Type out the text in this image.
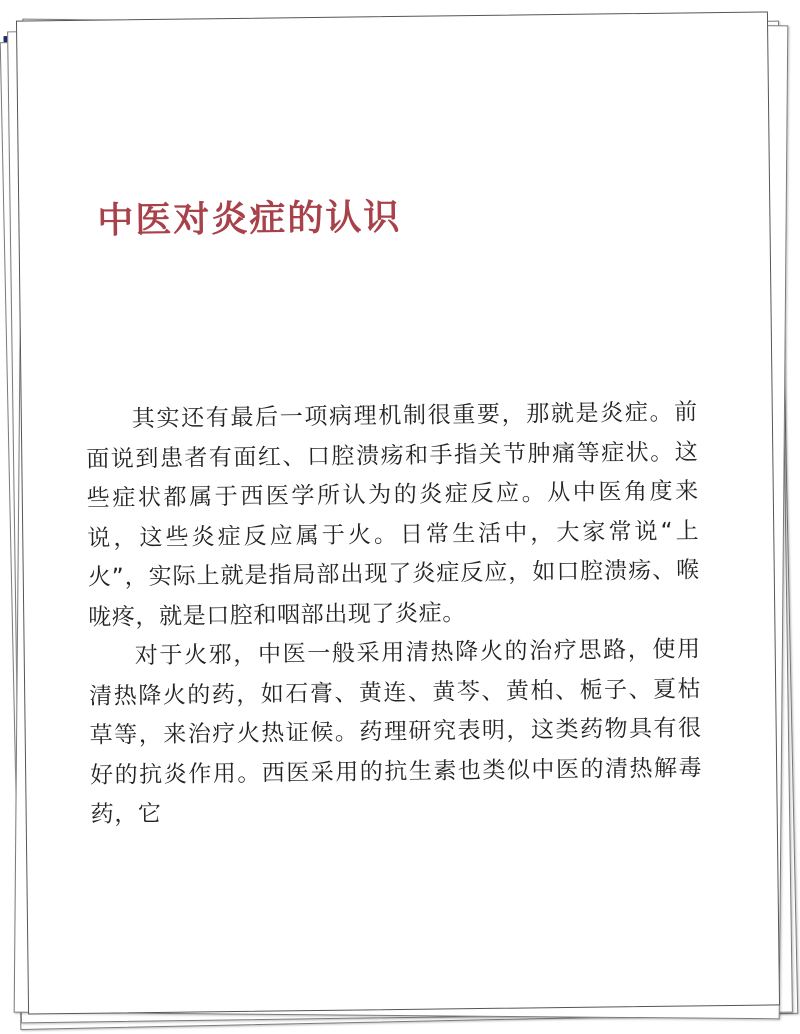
中医对炎症的认识

其实还有最后一项病理机制很重要，那就是炎症。前面说到患者有面红、口腔溃疡和手指关节肿痛等症状。这些症状都属于西医学所认为的炎症反应。从中医角度来说，这些炎症反应属于火。日常生活中，大家常说“上火”，实际上就是指局部出现了炎症反应，如口腔溃疡、喉咙疼，就是口腔和咽部出现了炎症。

对于火邪，中医一般采用清热降火的治疗思路，使用清热降火的药，如石膏、黄连、黄芩、黄柏、栀子、夏枯草等，来治疗火热证候。药理研究表明，这类药物具有很好的抗炎作用。西医采用的抗生素也类似中医的清热解毒药，它
